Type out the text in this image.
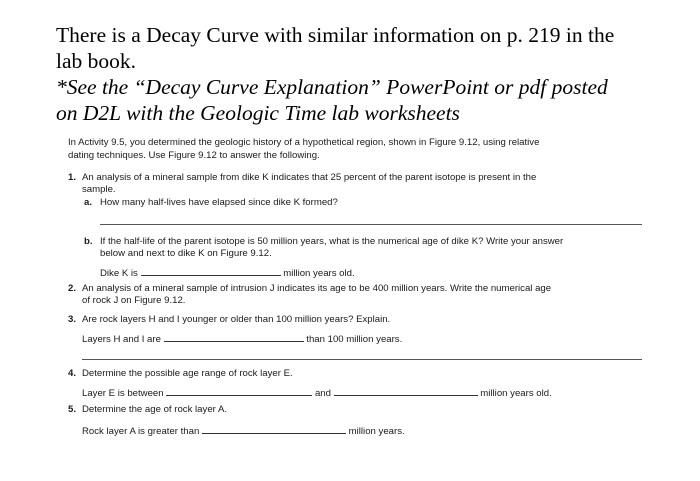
There is a Decay Curve with similar information on p. 219 in the

lab book.

*See the “Decay Curve Explanation” PowerPoint or pdf posted

on D2L with the Geologic Time lab worksheets

In Activity 9.5, you determined the geologic history of a hypothetical region, shown in Figure 9.12, using relative
dating techniques. Use Figure 9.12 to answer the following.
1. An analysis of a mineral sample from dike K indicates that 25 percent of the parent isotope is present in the
sample.
a. How many half-lives have elapsed since dike K formed?
b. If the half-life of the parent isotope is 50 million years, what is the numerical age of dike K? Write your answer
below and next to dike K on Figure 9.12.
Dike K is	million years old.
2. An analysis of a mineral sample of intrusion J indicates its age to be 400 million years. Write the numerical age
of rock J on Figure 9.12.
3. Are rock layers H and I younger or older than 100 million years? Explain.
Layers H and I are	than 100 million years.
4. Determine the possible age range of rock layer E.
Layer E is between	and	million years old.
5. Determine the age of rock layer A.
Rock layer A is greater than	million years.
